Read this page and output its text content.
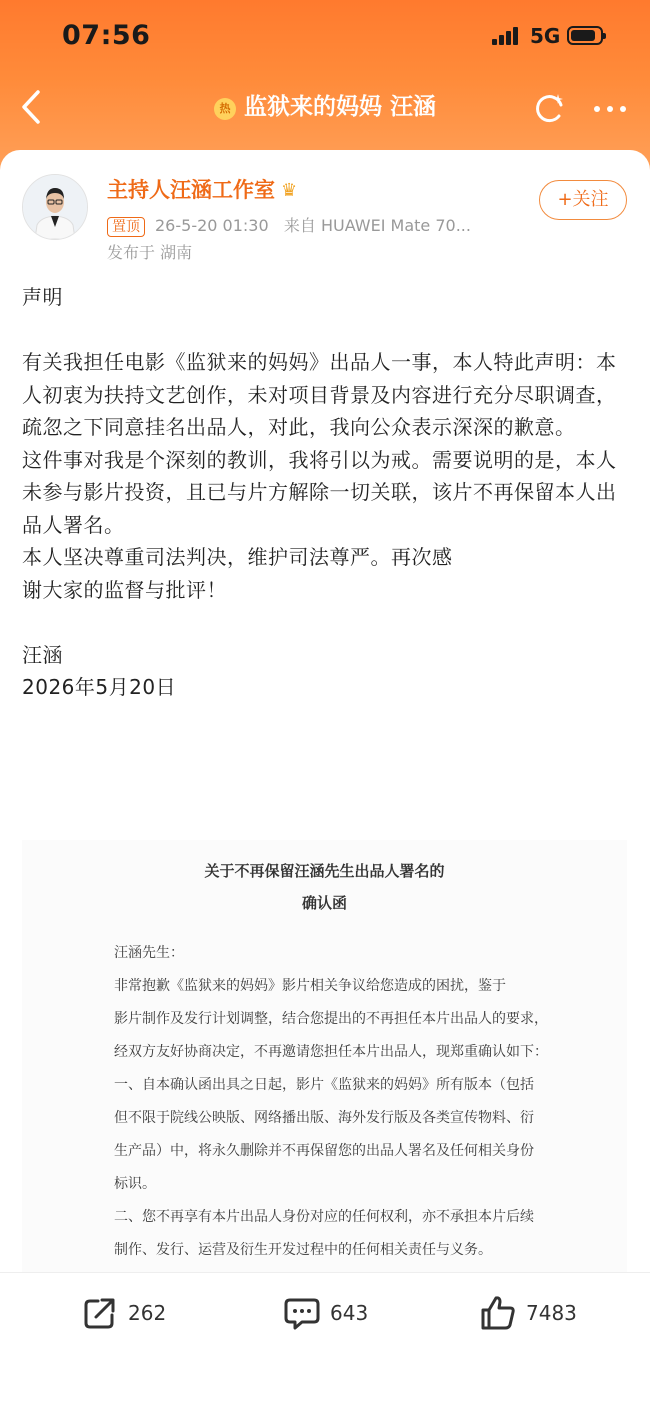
07:56	5G
热 监狱来的妈妈 汪涵
主持人汪涵工作室 ♛	+关注
置顶 26-5-20 01:30 来自 HUAWEI Mate 70...
发布于 湖南

声明

有关我担任电影《监狱来的妈妈》出品人一事，本人特此声明：本人初衷为扶持文艺创作，未对项目背景及内容进行充分尽职调查，疏忽之下同意挂名出品人，对此，我向公众表示深深的歉意。

这件事对我是个深刻的教训，我将引以为戒。需要说明的是，本人未参与影片投资，且已与片方解除一切关联，该片不再保留本人出品人署名。

本人坚决尊重司法判决，维护司法尊严。再次感

谢大家的监督与批评！

汪涵

2026年5月20日

关于不再保留汪涵先生出品人署名的
确认函
汪涵先生：
非常抱歉《监狱来的妈妈》影片相关争议给您造成的困扰，鉴于
影片制作及发行计划调整，结合您提出的不再担任本片出品人的要求，
经双方友好协商决定，不再邀请您担任本片出品人，现郑重确认如下：
一、自本确认函出具之日起，影片《监狱来的妈妈》所有版本（包括
但不限于院线公映版、网络播出版、海外发行版及各类宣传物料、衍
生产品）中，将永久删除并不再保留您的出品人署名及任何相关身份
标识。
二、您不再享有本片出品人身份对应的任何权利，亦不承担本片后续
制作、发行、运营及衍生开发过程中的任何相关责任与义务。
262	643	7483
